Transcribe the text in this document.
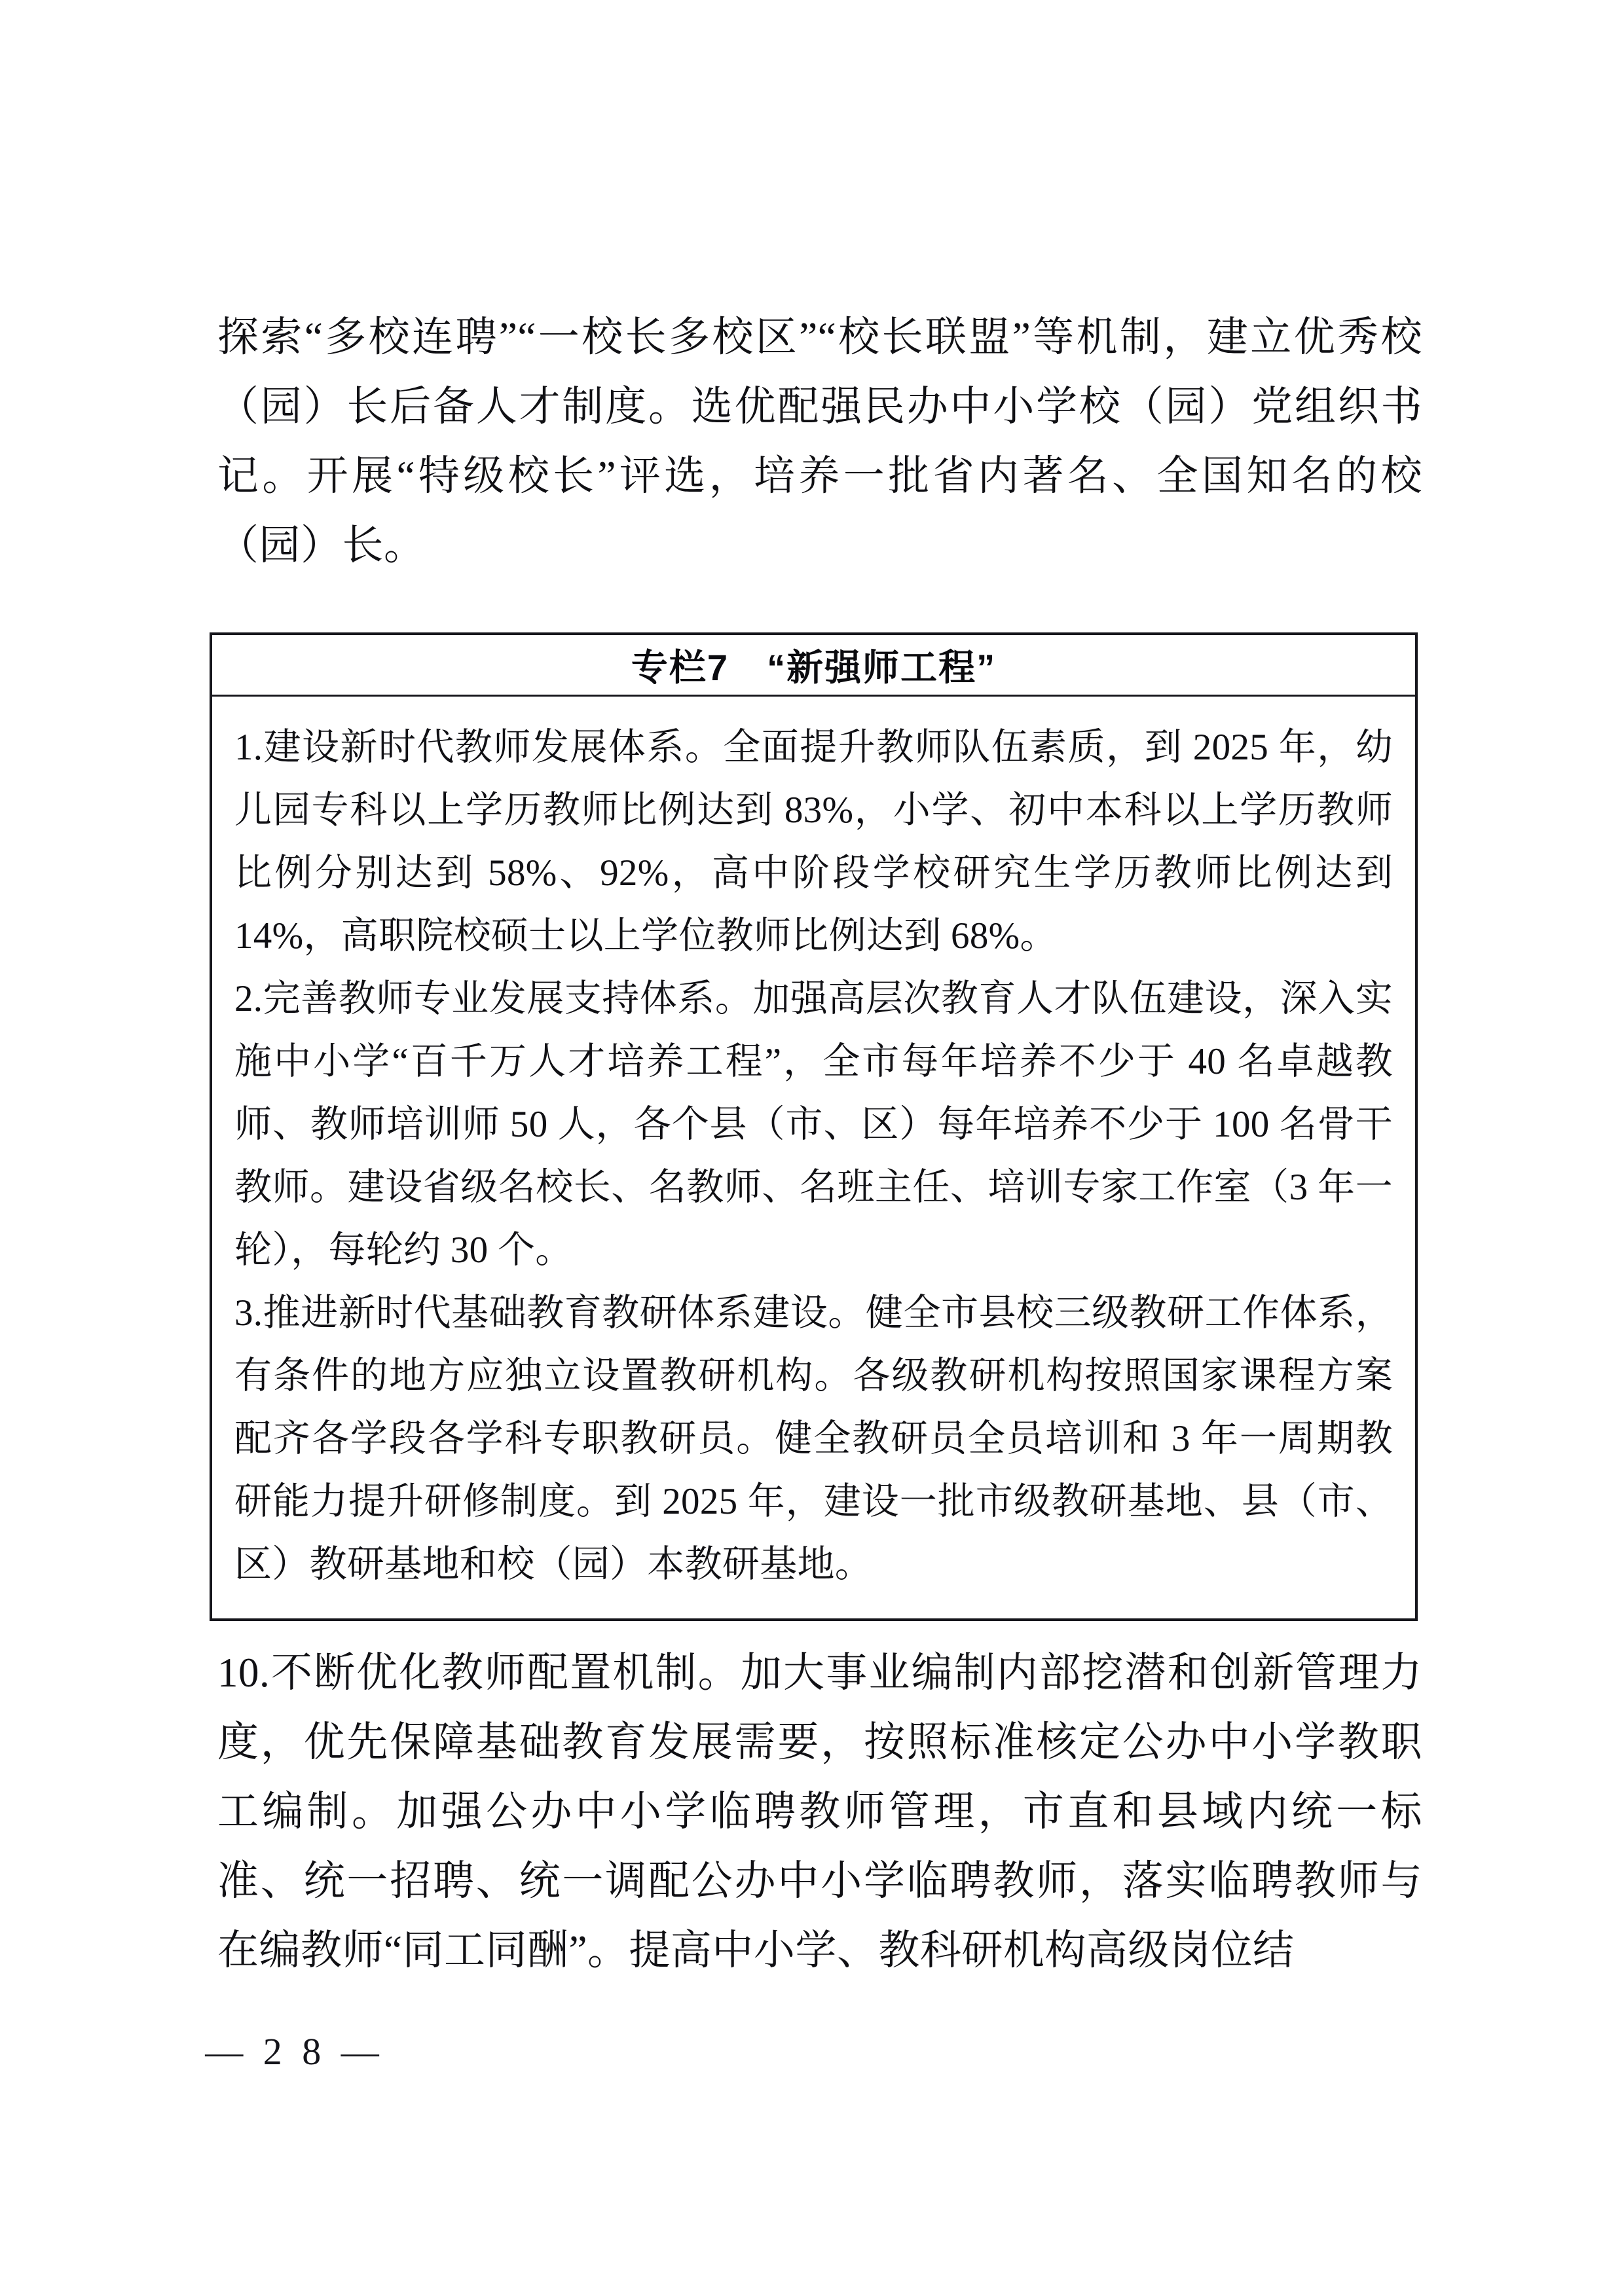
探索“多校连聘”“一校长多校区”“校长联盟”等机制，建立优秀校（园）长后备人才制度。选优配强民办中小学校（园）党组织书记。开展“特级校长”评选，培养一批省内著名、全国知名的校（园）长。

专栏7　“新强师工程”

1.建设新时代教师发展体系。全面提升教师队伍素质，到 2025 年，幼儿园专科以上学历教师比例达到 83%，小学、初中本科以上学历教师比例分别达到 58%、92%，高中阶段学校研究生学历教师比例达到 14%，高职院校硕士以上学位教师比例达到 68%。

2.完善教师专业发展支持体系。加强高层次教育人才队伍建设，深入实施中小学“百千万人才培养工程”，全市每年培养不少于 40 名卓越教师、教师培训师 50 人，各个县（市、区）每年培养不少于 100 名骨干教师。建设省级名校长、名教师、名班主任、培训专家工作室（3 年一轮），每轮约 30 个。

3.推进新时代基础教育教研体系建设。健全市县校三级教研工作体系，有条件的地方应独立设置教研机构。各级教研机构按照国家课程方案配齐各学段各学科专职教研员。健全教研员全员培训和 3 年一周期教研能力提升研修制度。到 2025 年，建设一批市级教研基地、县（市、区）教研基地和校（园）本教研基地。

10.不断优化教师配置机制。加大事业编制内部挖潜和创新管理力度，优先保障基础教育发展需要，按照标准核定公办中小学教职工编制。加强公办中小学临聘教师管理，市直和县域内统一标准、统一招聘、统一调配公办中小学临聘教师，落实临聘教师与在编教师“同工同酬”。提高中小学、教科研机构高级岗位结

— 2 8 —
